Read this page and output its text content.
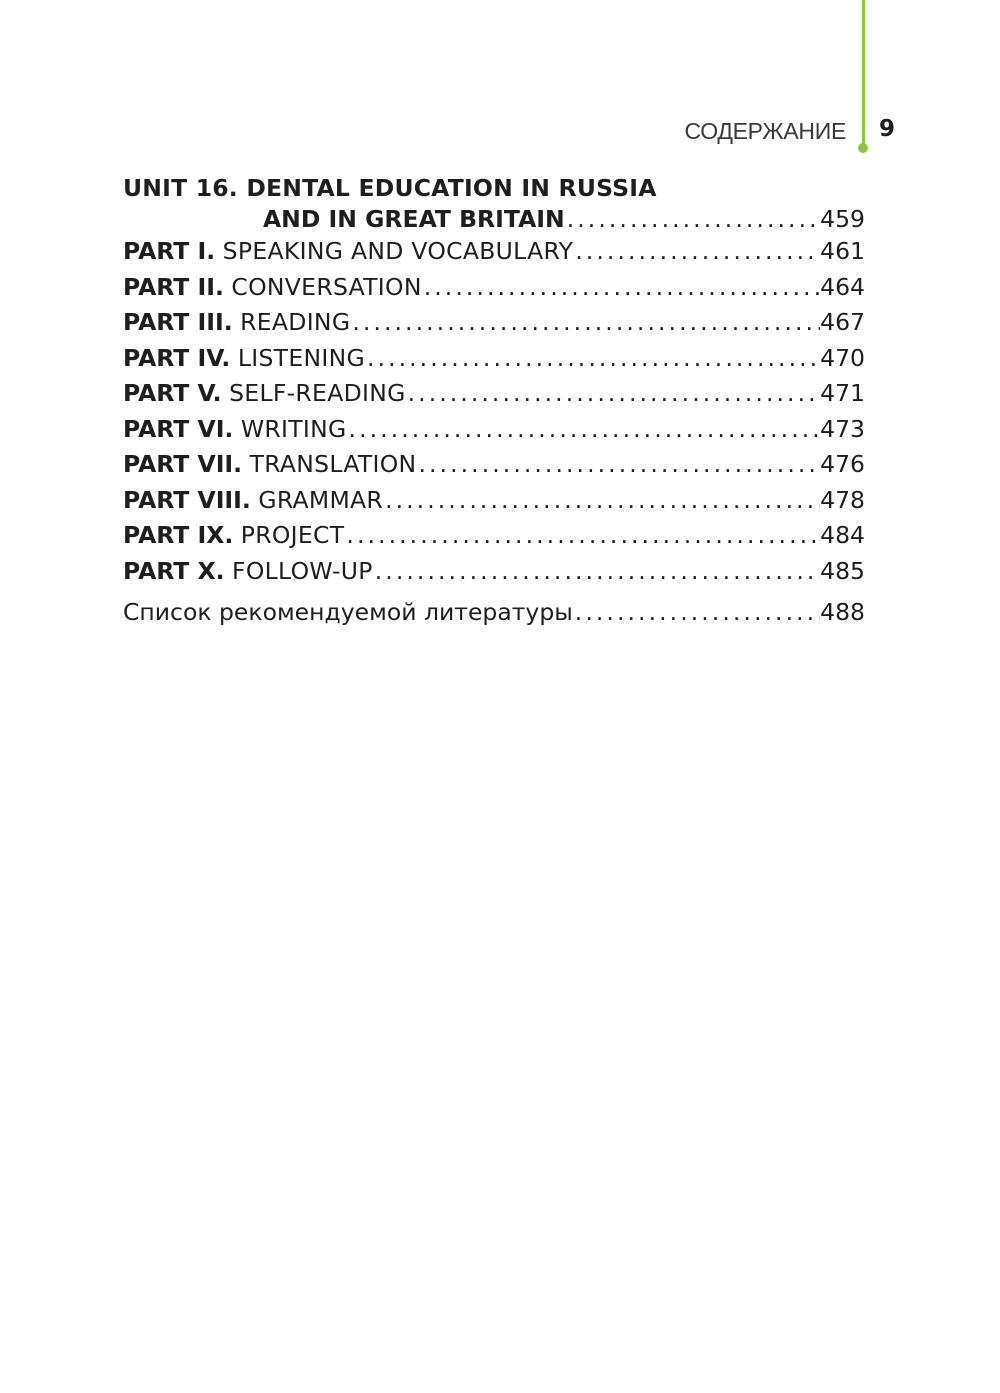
СОДЕРЖАНИЕ 9
UNIT 16. DENTAL EDUCATION IN RUSSIA
AND IN GREAT BRITAIN . . .	459
PART I. SPEAKING AND VOCABULARY . . .	461
PART II. CONVERSATION . . .	464
PART III. READING . . .	467
PART IV. LISTENING . . .	470
PART V. SELF-READING . . .	471
PART VI. WRITING . . .	473
PART VII. TRANSLATION . . .	476
PART VIII. GRAMMAR . . .	478
PART IX. PROJECT . . .	484
PART X. FOLLOW-UP . . .	485
Список рекомендуемой литературы . . .	488
